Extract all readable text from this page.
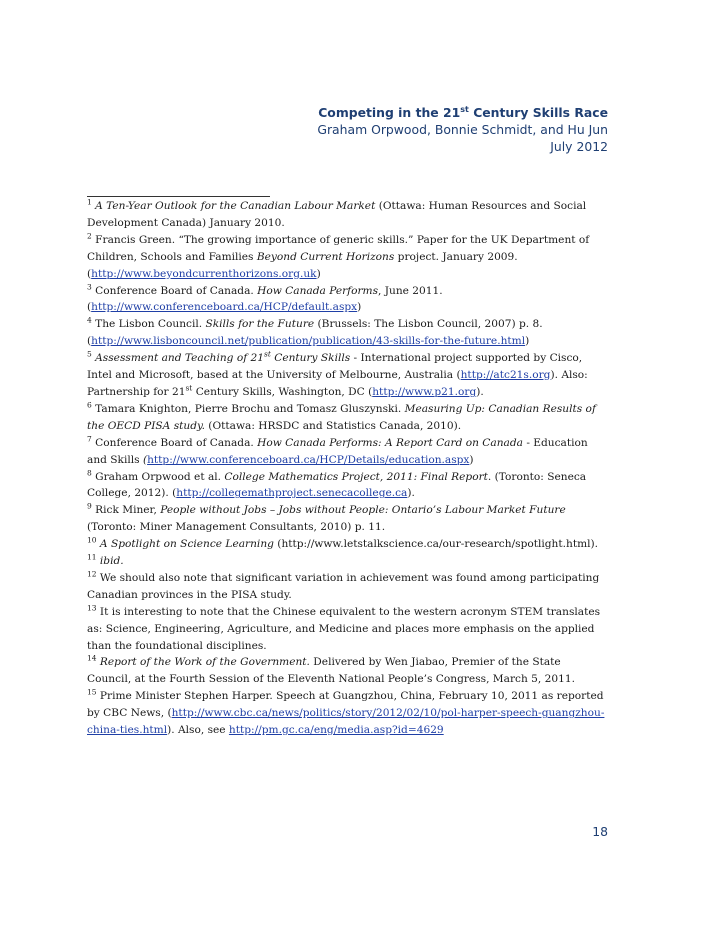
Competing in the 21st Century Skills Race
Graham Orpwood, Bonnie Schmidt, and Hu Jun
July 2012

$^1$ A Ten-Year Outlook for the Canadian Labour Market (Ottawa: Human Resources and Social Development Canada) January 2010.

$^2$ Francis Green. “The growing importance of generic skills.” Paper for the UK Department of Children, Schools and Families Beyond Current Horizons project. January 2009.
(http://www.beyondcurrenthorizons.org.uk)

$^3$ Conference Board of Canada. How Canada Performs, June 2011.
(http://www.conferenceboard.ca/HCP/default.aspx)

$^4$ The Lisbon Council. Skills for the Future (Brussels: The Lisbon Council, 2007) p. 8.
(http://www.lisboncouncil.net/publication/publication/43-skills-for-the-future.html)

$^5$ Assessment and Teaching of 21st Century Skills - International project supported by Cisco, Intel and Microsoft, based at the University of Melbourne, Australia (http://atc21s.org). Also: Partnership for 21st Century Skills, Washington, DC (http://www.p21.org).

$^6$ Tamara Knighton, Pierre Brochu and Tomasz Gluszynski. Measuring Up: Canadian Results of the OECD PISA study. (Ottawa: HRSDC and Statistics Canada, 2010).

$^7$ Conference Board of Canada. How Canada Performs: A Report Card on Canada - Education and Skills (http://www.conferenceboard.ca/HCP/Details/education.aspx)

$^8$ Graham Orpwood et al. College Mathematics Project, 2011: Final Report. (Toronto: Seneca College, 2012). (http://collegemathproject.senecacollege.ca).

$^9$ Rick Miner, People without Jobs – Jobs without People: Ontario’s Labour Market Future (Toronto: Miner Management Consultants, 2010) p. 11.

$^{10}$ A Spotlight on Science Learning (http://www.letstalkscience.ca/our-research/spotlight.html).

$^{11}$ ibid.

$^{12}$ We should also note that significant variation in achievement was found among participating Canadian provinces in the PISA study.

$^{13}$ It is interesting to note that the Chinese equivalent to the western acronym STEM translates as: Science, Engineering, Agriculture, and Medicine and places more emphasis on the applied than the foundational disciplines.

$^{14}$ Report of the Work of the Government. Delivered by Wen Jiabao, Premier of the State Council, at the Fourth Session of the Eleventh National People’s Congress, March 5, 2011.

$^{15}$ Prime Minister Stephen Harper. Speech at Guangzhou, China, February 10, 2011 as reported by CBC News, (http://www.cbc.ca/news/politics/story/2012/02/10/pol-harper-speech-guangzhou-china-ties.html). Also, see http://pm.gc.ca/eng/media.asp?id=4629

18
